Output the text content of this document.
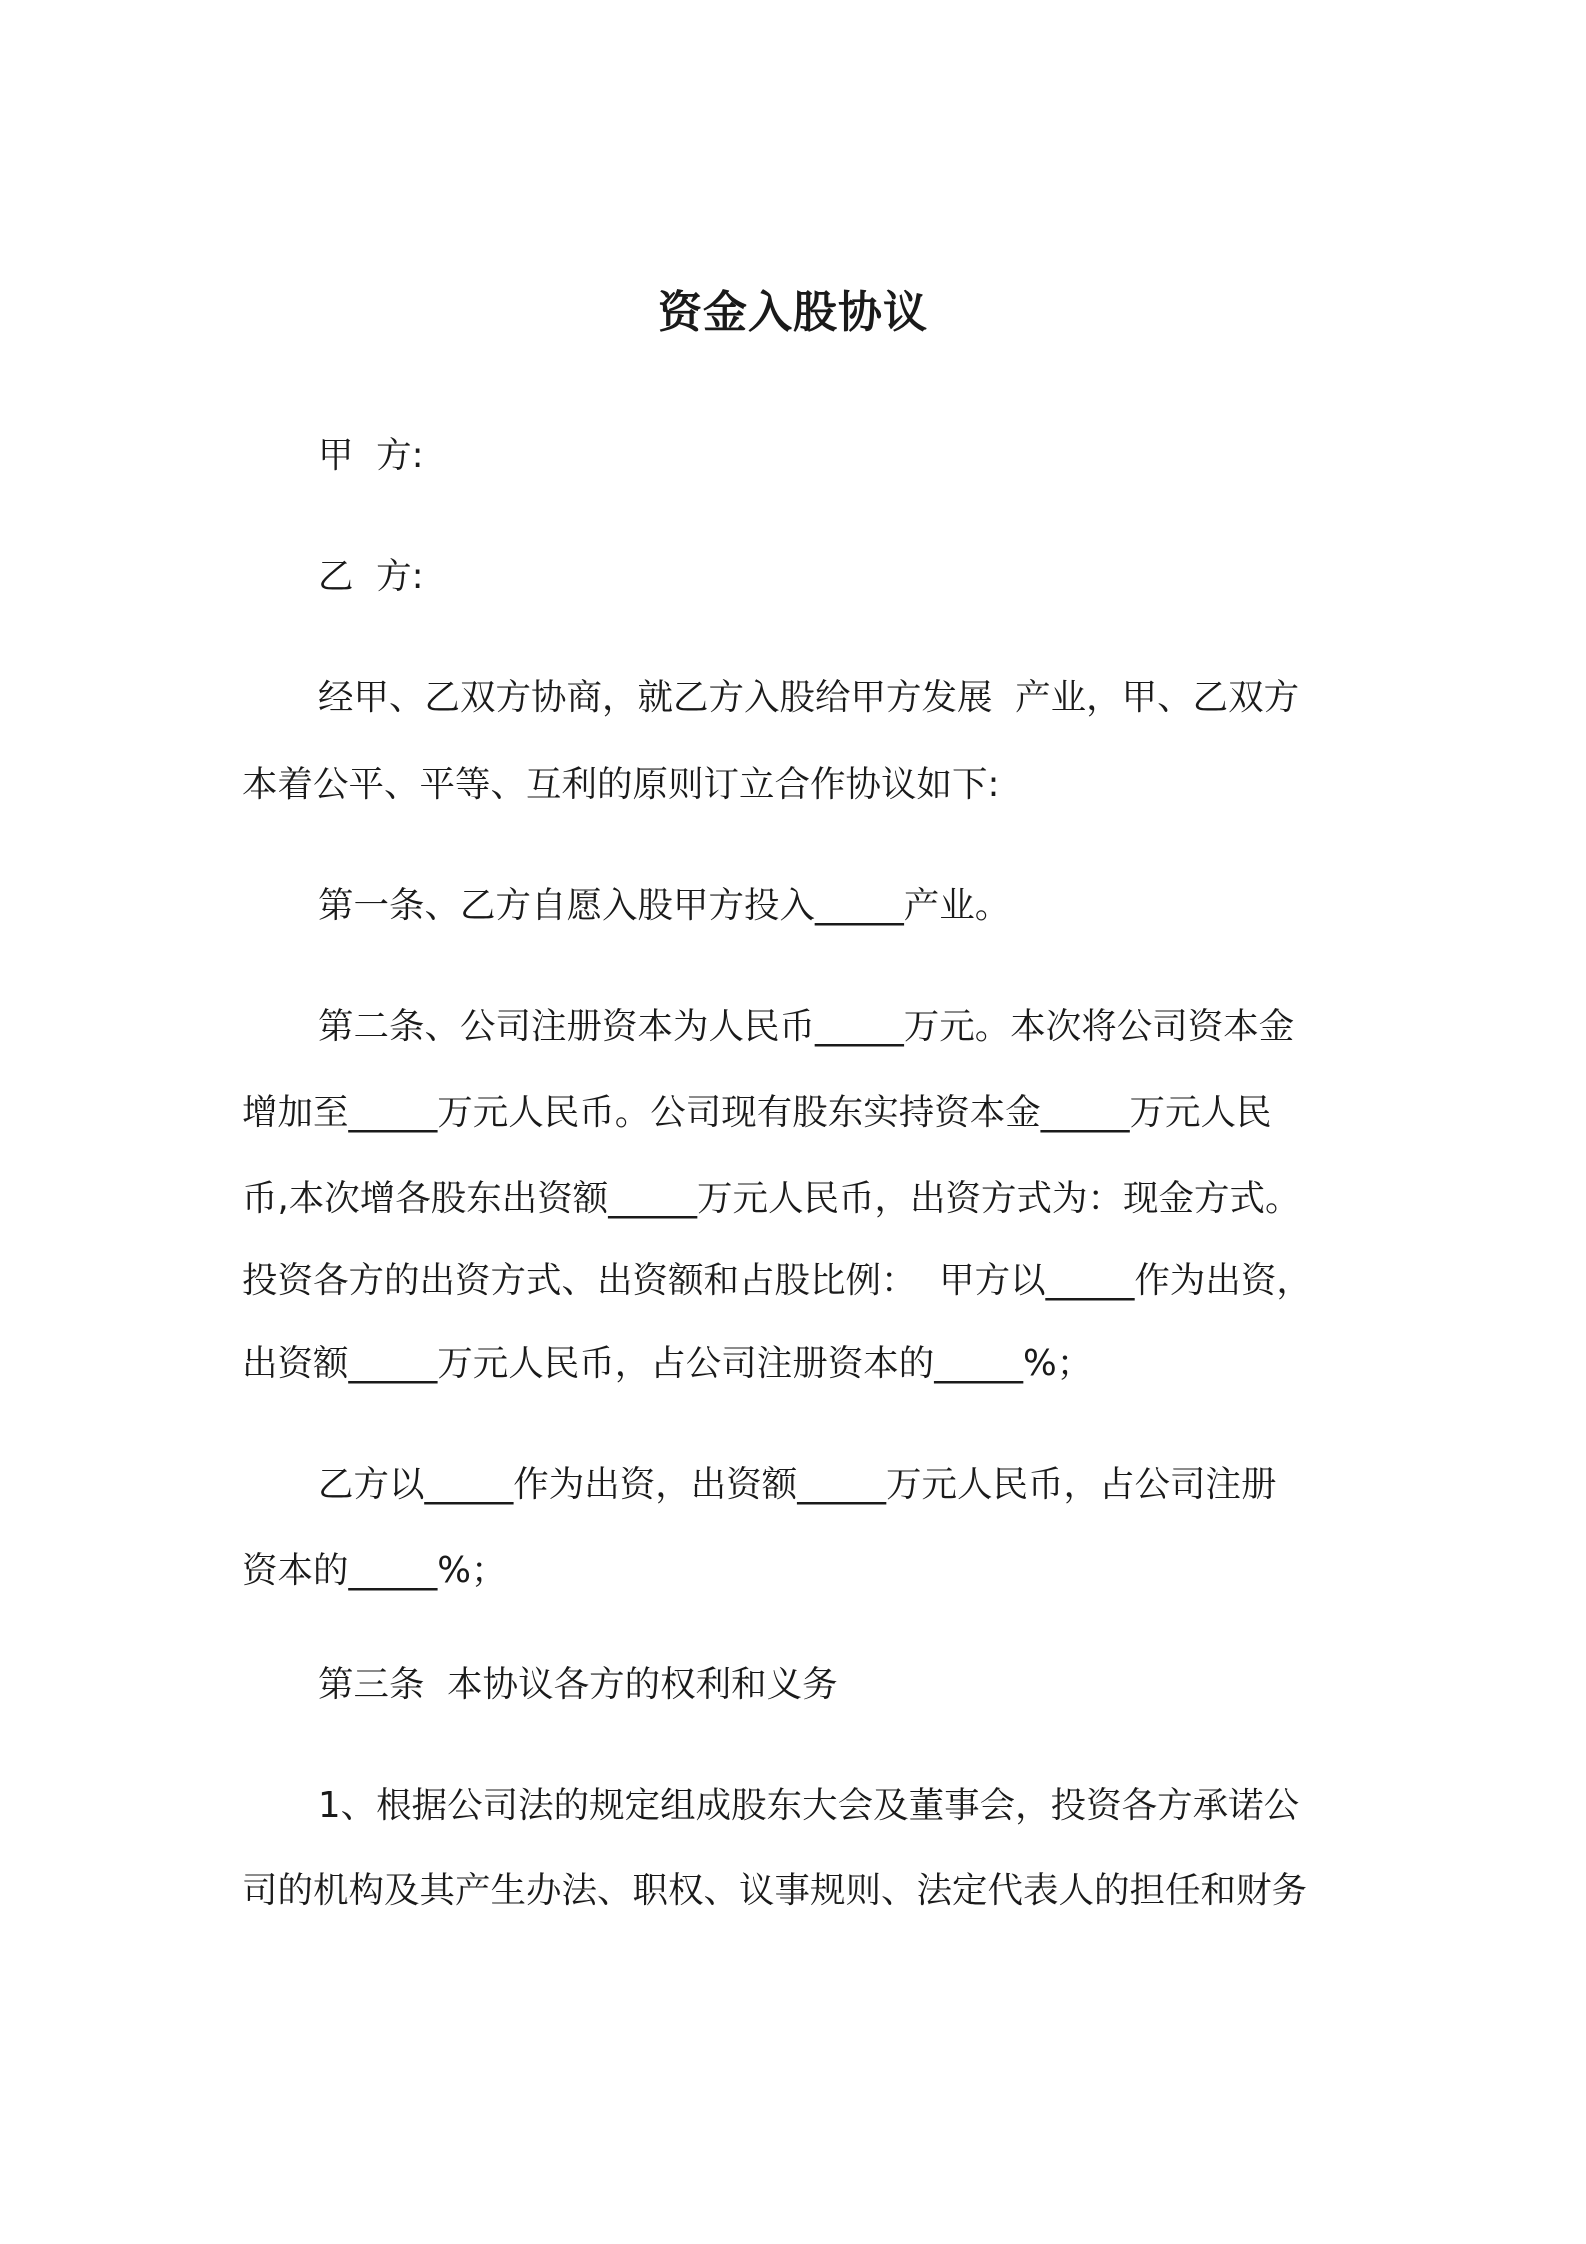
资金入股协议

甲  方:

乙  方:

经甲、乙双方协商，就乙方入股给甲方发展  产业，甲、乙双方

本着公平、平等、互利的原则订立合作协议如下:

第一条、乙方自愿入股甲方投入_____产业。

第二条、公司注册资本为人民币_____万元。本次将公司资本金

增加至_____万元人民币。公司现有股东实持资本金_____万元人民

币,本次增各股东出资额_____万元人民币，出资方式为：现金方式。

投资各方的出资方式、出资额和占股比例：  甲方以_____作为出资，

出资额_____万元人民币，占公司注册资本的_____%；

乙方以_____作为出资，出资额_____万元人民币，占公司注册

资本的_____%；

第三条  本协议各方的权利和义务

1、根据公司法的规定组成股东大会及董事会，投资各方承诺公

司的机构及其产生办法、职权、议事规则、法定代表人的担任和财务
